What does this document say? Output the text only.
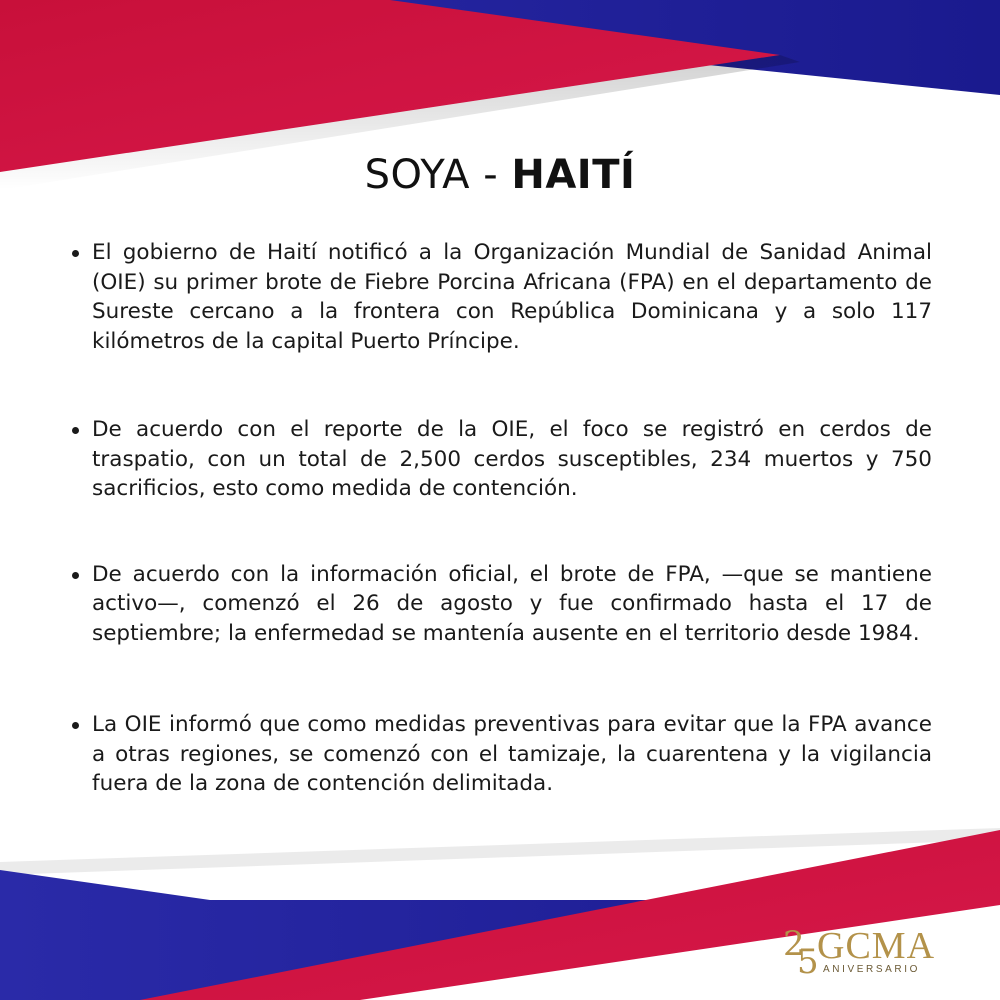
SOYA - HAITÍ
El gobierno de Haití notificó a la Organización Mundial de Sanidad Animal (OIE) su primer brote de Fiebre Porcina Africana (FPA) en el departamento de Sureste cercano a la frontera con República Dominicana y a solo 117 kilómetros de la capital Puerto Príncipe.
De acuerdo con el reporte de la OIE, el foco se registró en cerdos de traspatio, con un total de 2,500 cerdos susceptibles, 234 muertos y 750 sacrificios, esto como medida de contención.
De acuerdo con la información oficial, el brote de FPA, —que se mantiene activo—, comenzó el 26 de agosto y fue confirmado hasta el 17 de septiembre; la enfermedad se mantenía ausente en el territorio desde 1984.
La OIE informó que como medidas preventivas para evitar que la FPA avance a otras regiones, se comenzó con el tamizaje, la cuarentena y la vigilancia fuera de la zona de contención delimitada.
2
5
GCMA
ANIVERSARIO
